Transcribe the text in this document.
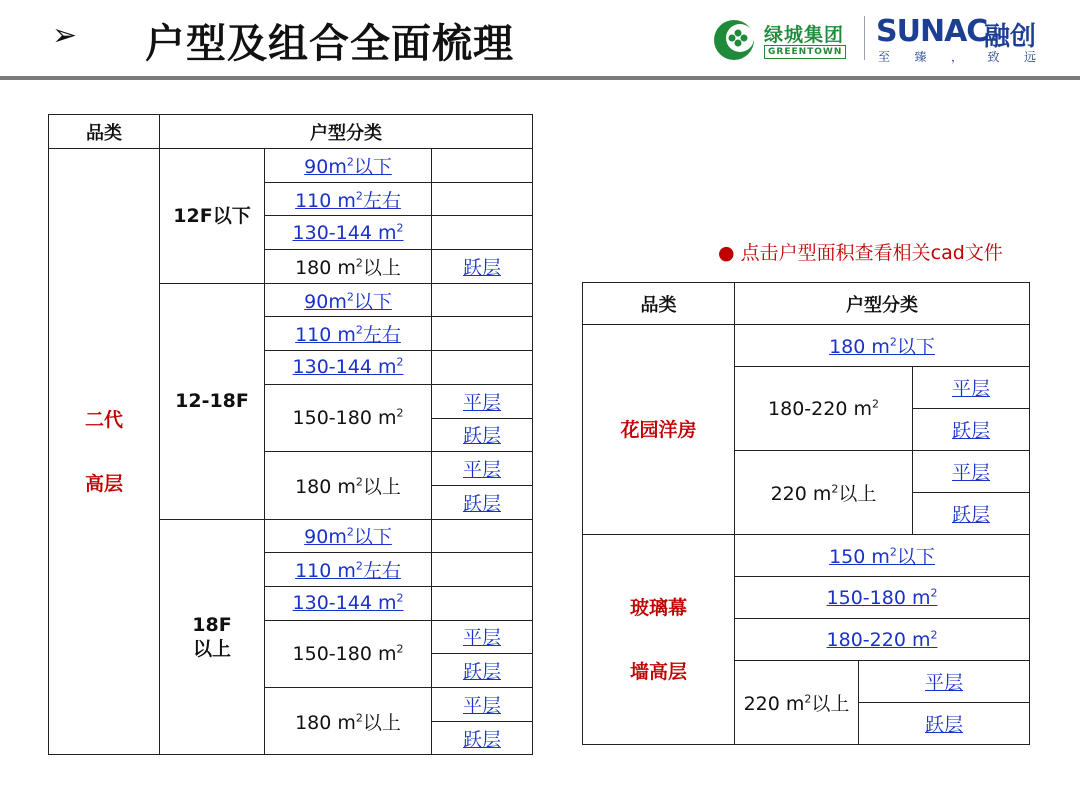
➢ 户型及组合全面梳理	绿城集团
GREENTOWN
SUNAC
融创
至 臻 ， 致 远
品类	户型分类		
二代
高层	12F以下	$90m^2$以下	
		110 $m^2$左右	
		130-144 $m^2$	
		180 $m^2$以上	跃层
	12-18F	$90m^2$以下	
		110 $m^2$左右	
		130-144 $m^2$	
		150-180 $m^2$	平层
			跃层
		180 $m^2$以上	平层
			跃层
	18F
以上	$90m^2$以下	
		110 $m^2$左右	
		130-144 $m^2$	
		150-180 $m^2$	平层
			跃层
		180 $m^2$以上	平层
			跃层
● 点击户型面积查看相关cad文件
品类	户型分类		
花园洋房	180 $m^2$以下		
	180-220 $m^2$		平层
			跃层
	220 $m^2$以上		平层
			跃层
玻璃幕
墙高层	150 $m^2$以下		
	150-180 $m^2$
	180-220 $m^2$
	220 $m^2$以上	平层	
		跃层	
